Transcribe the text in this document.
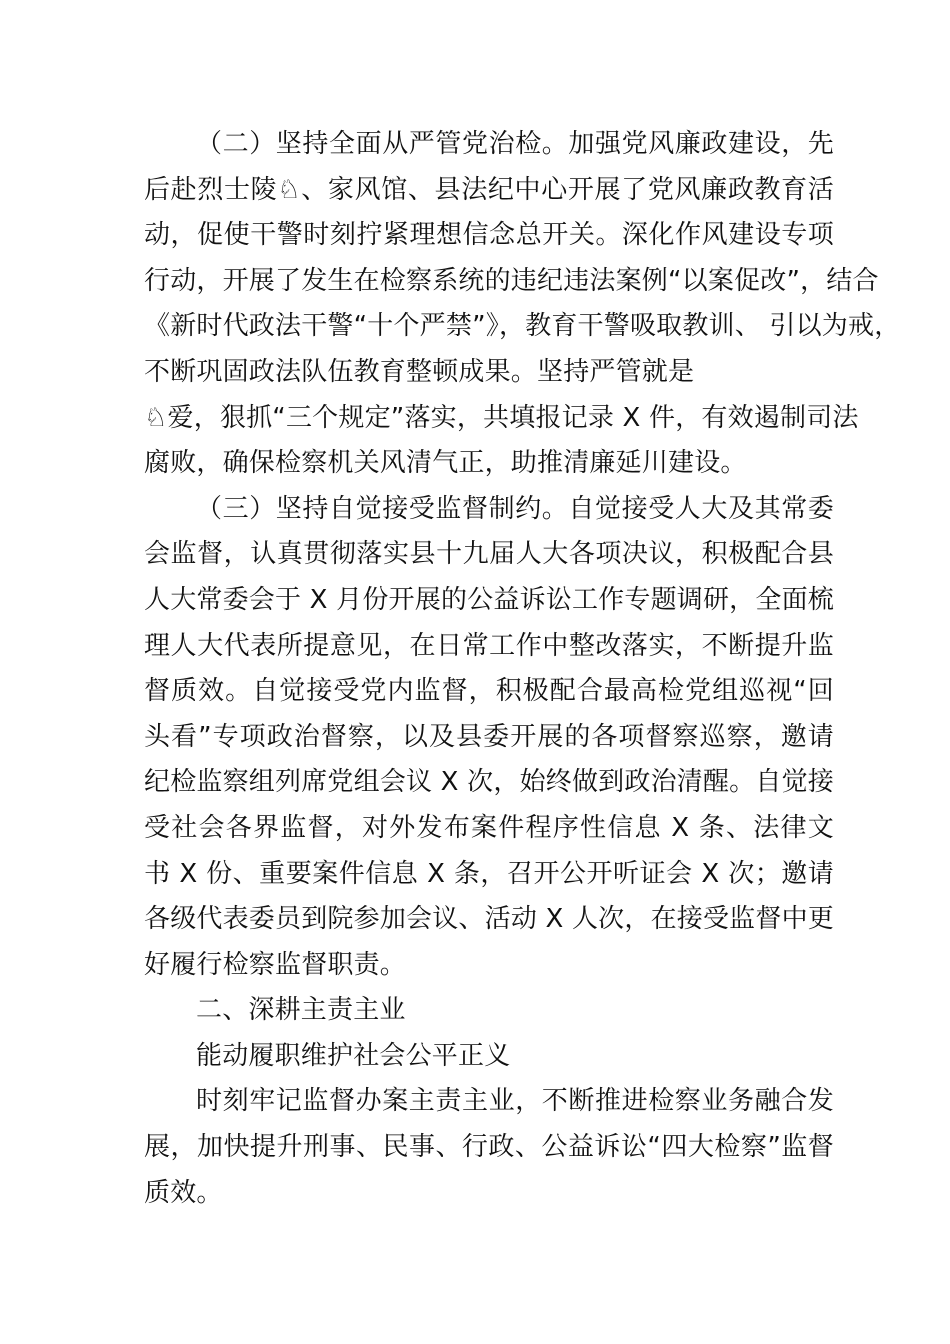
（二）坚持全面从严管党治检。加强党风廉政建设，先
后赴烈士陵♘、家风馆、县法纪中心开展了党风廉政教育活
动，促使干警时刻拧紧理想信念总开关。深化作风建设专项
行动，开展了发生在检察系统的违纪违法案例“以案促改”，结合
《新时代政法干警“十个严禁”》，教育干警吸取教训、 引以为戒，
不断巩固政法队伍教育整顿成果。坚持严管就是
♘爱，狠抓“三个规定”落实，共填报记录 X 件，有效遏制司法
腐败，确保检察机关风清气正，助推清廉延川建设。
（三）坚持自觉接受监督制约。自觉接受人大及其常委
会监督，认真贯彻落实县十九届人大各项决议，积极配合县
人大常委会于 X 月份开展的公益诉讼工作专题调研，全面梳
理人大代表所提意见，在日常工作中整改落实，不断提升监
督质效。自觉接受党内监督，积极配合最高检党组巡视“回
头看”专项政治督察，以及县委开展的各项督察巡察，邀请
纪检监察组列席党组会议 X 次，始终做到政治清醒。自觉接
受社会各界监督，对外发布案件程序性信息 X 条、法律文
书 X 份、重要案件信息 X 条，召开公开听证会 X 次；邀请
各级代表委员到院参加会议、活动 X 人次，在接受监督中更
好履行检察监督职责。
二、深耕主责主业
能动履职维护社会公平正义
时刻牢记监督办案主责主业，不断推进检察业务融合发
展，加快提升刑事、民事、行政、公益诉讼“四大检察”监督
质效。
